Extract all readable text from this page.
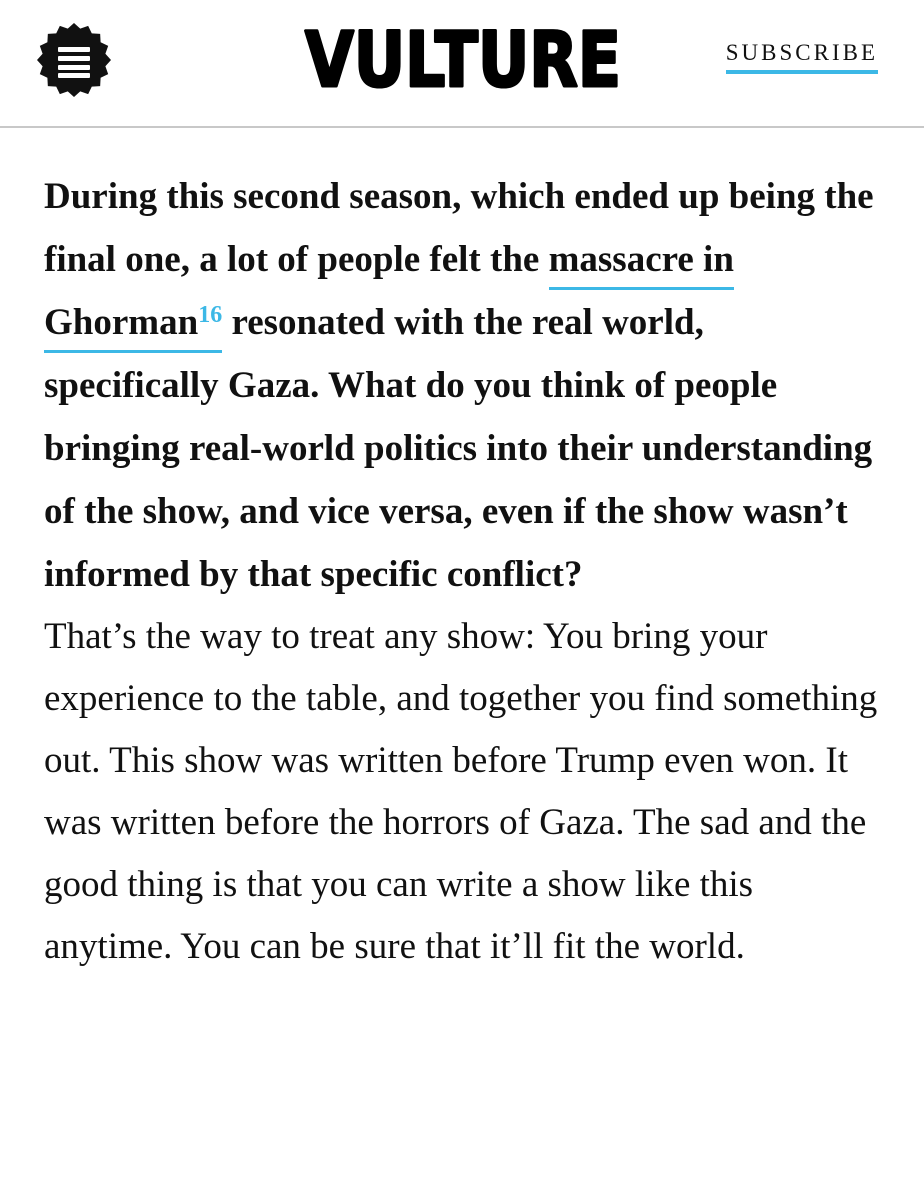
VULTURE	SUBSCRIBE

During this second season, which ended up being the final one, a lot of people felt the massacre in Ghorman$^{16}$ resonated with the real world, specifically Gaza. What do you think of people bringing real-world politics into their understanding of the show, and vice versa, even if the show wasn’t informed by that specific conflict?

That’s the way to treat any show: You bring your experience to the table, and together you find something out. This show was written before Trump even won. It was written before the horrors of Gaza. The sad and the good thing is that you can write a show like this anytime. You can be sure that it’ll fit the world.
